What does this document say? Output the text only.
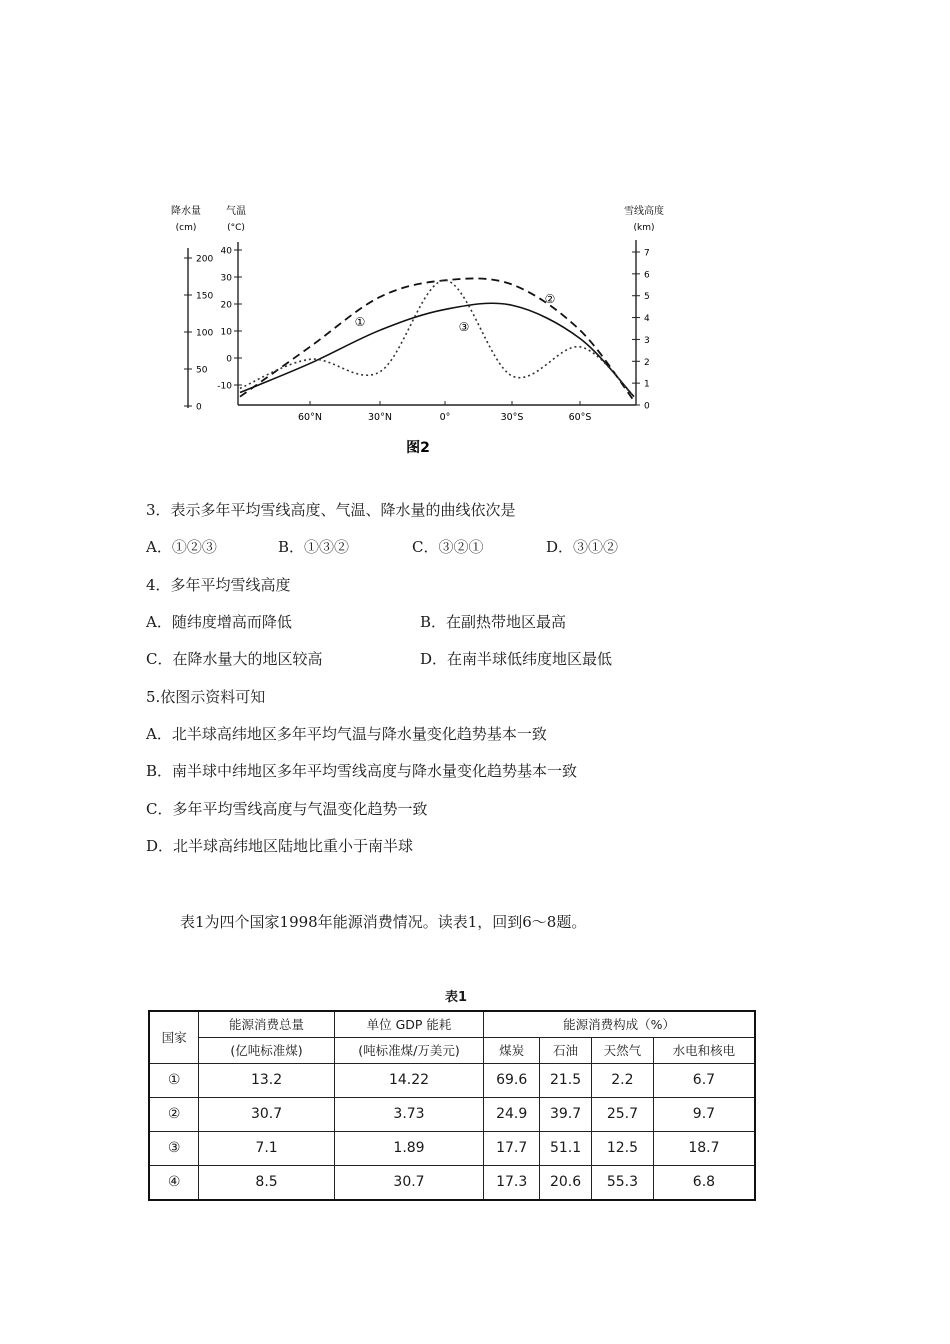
降水量
(cm)
气温
(°C)
雪线高度
(km)
200
150
100
50
0
40
30
20
10
0
-10
7
6
5
4
3
2
1
0
60°N	30°N	0°	30°S	60°S
①
②
③
图2
3．表示多年平均雪线高度、气温、降水量的曲线依次是
A．①②③	B．①③②	C．③②①	D．③①②
4．多年平均雪线高度
A．随纬度增高而降低	B．在副热带地区最高
C．在降水量大的地区较高	D．在南半球低纬度地区最低
5.依图示资料可知
A．北半球高纬地区多年平均气温与降水量变化趋势基本一致
B．南半球中纬地区多年平均雪线高度与降水量变化趋势基本一致
C．多年平均雪线高度与气温变化趋势一致
D．北半球高纬地区陆地比重小于南半球
表1为四个国家1998年能源消费情况。读表1，回到6～8题。
表1
国家	能源消费总量	单位 GDP 能耗	能源消费构成（%）			
	(亿吨标准煤)	(吨标准煤/万美元)	煤炭	石油	天然气	水电和核电
①	13.2	14.22	69.6	21.5	2.2	6.7
②	30.7	3.73	24.9	39.7	25.7	9.7
③	7.1	1.89	17.7	51.1	12.5	18.7
④	8.5	30.7	17.3	20.6	55.3	6.8
